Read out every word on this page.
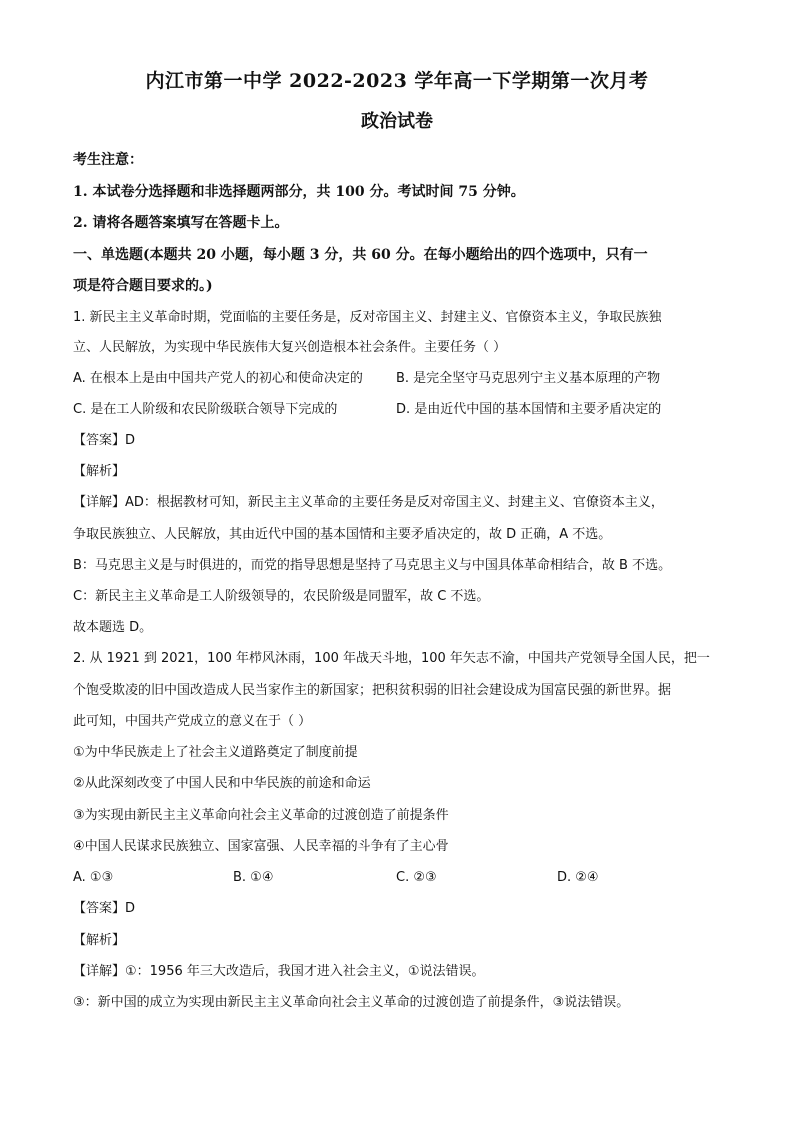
内江市第一中学 2022-2023 学年高一下学期第一次月考
政治试卷
考生注意：
1. 本试卷分选择题和非选择题两部分，共 100 分。考试时间 75 分钟。
2. 请将各题答案填写在答题卡上。
一、单选题(本题共 20 小题，每小题 3 分，共 60 分。在每小题给出的四个选项中，只有一
项是符合题目要求的。)
1. 新民主主义革命时期，党面临的主要任务是，反对帝国主义、封建主义、官僚资本主义，争取民族独
立、人民解放，为实现中华民族伟大复兴创造根本社会条件。主要任务（ ）
A. 在根本上是由中国共产党人的初心和使命决定的	B. 是完全坚守马克思列宁主义基本原理的产物
C. 是在工人阶级和农民阶级联合领导下完成的	D. 是由近代中国的基本国情和主要矛盾决定的
【答案】D
【解析】
【详解】AD：根据教材可知，新民主主义革命的主要任务是反对帝国主义、封建主义、官僚资本主义，
争取民族独立、人民解放，其由近代中国的基本国情和主要矛盾决定的，故 D 正确，A 不选。
B：马克思主义是与时俱进的，而党的指导思想是坚持了马克思主义与中国具体革命相结合，故 B 不选。
C：新民主主义革命是工人阶级领导的，农民阶级是同盟军，故 C 不选。
故本题选 D。
2. 从 1921 到 2021，100 年栉风沐雨，100 年战天斗地，100 年矢志不渝，中国共产党领导全国人民，把一
个饱受欺凌的旧中国改造成人民当家作主的新国家；把积贫积弱的旧社会建设成为国富民强的新世界。据
此可知，中国共产党成立的意义在于（ ）
①为中华民族走上了社会主义道路奠定了制度前提
②从此深刻改变了中国人民和中华民族的前途和命运
③为实现由新民主主义革命向社会主义革命的过渡创造了前提条件
④中国人民谋求民族独立、国家富强、人民幸福的斗争有了主心骨
A. ①③	B. ①④	C. ②③	D. ②④
【答案】D
【解析】
【详解】①：1956 年三大改造后，我国才进入社会主义，①说法错误。
③：新中国的成立为实现由新民主主义革命向社会主义革命的过渡创造了前提条件，③说法错误。
